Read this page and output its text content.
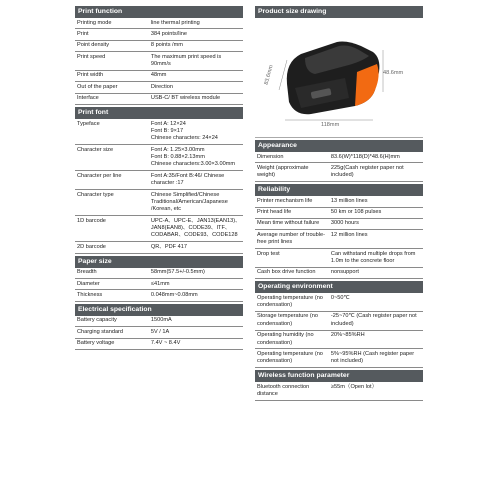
Print function
Printing mode	line thermal printing
Print	384 points/line
Point density	8 points /mm
Print speed	The maximum print speed is 90mm/s
Print width	48mm
Out of the paper	Direction
Interface	USB-C/ BT wireless module
Print font
Typeface	Font A: 12×24
Font B: 9×17
Chinese characters: 24×24
Character size	Font A: 1.25×3.00mm
Font B: 0.88×2.13mm
Chinese characters:3.00×3.00mm
Character per line	Font A:35/Font B:46/ Chinese character :17
Character type	Chinese Simplified/Chinese Traditional/American/Japanese /Korean, etc
1D barcode	UPC-A、UPC-E、JAN13(EAN13)、JAN8(EAN8)、CODE39、ITF、CODABAR、CODE93、CODE128
2D barcode	QR、PDF 417
Paper size
Breadth	58mm(57.5+/-0.5mm)
Diameter	≤41mm
Thickness	0.048mm~0.08mm
Electrical specification
Battery capacity	1500mA
Charging standard	5V / 1A
Battery voltage	7.4V ~ 8.4V
Product size drawing
83.6mm	48.6mm
118mm
Appearance
Dimension	83.6(W)*118(D)*48.6(H)mm
Weight (approximate weight)	225g(Cash register paper not included)
Reliability
Printer mechanism life	13 million lines
Print head life	50 km or 108 pulses
Mean time without failure	3000 hours
Average number of trouble-free print lines	12 million lines
Drop test	Can withstand multiple drops from 1.0m to the concrete floor
Cash box drive function	nonsupport
Operating environment
Operating temperature (no condensation)	0~50℃
Storage temperature (no condensation)	-25~70℃ (Cash register paper not included)
Operating humidity (no condensation)	20%~85%RH
Operating temperature (no condensation)	5%~95%RH (Cash register paper not included)
Wireless function parameter
Bluetooth connection distance	≥55m（Open lot）
